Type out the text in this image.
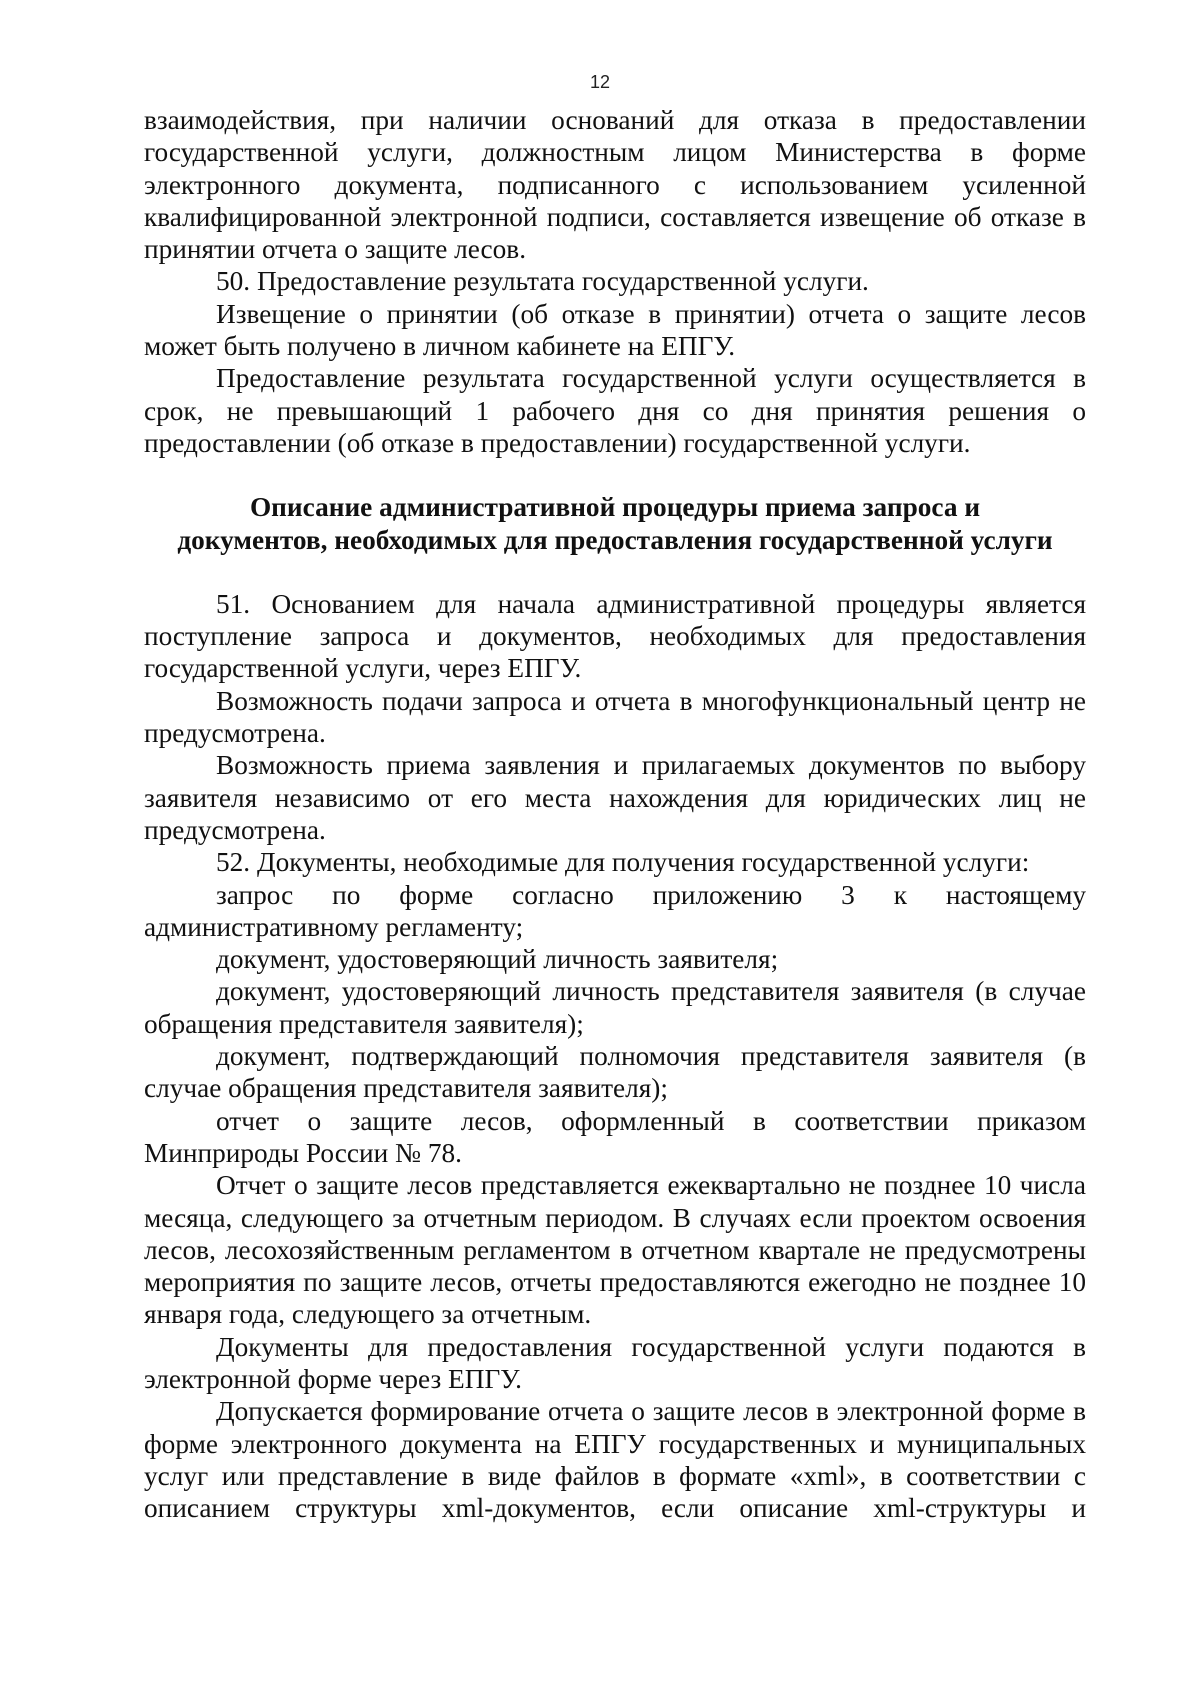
12

взаимодействия, при наличии оснований для отказа в предоставлении государственной услуги, должностным лицом Министерства в форме электронного документа, подписанного с использованием усиленной квалифицированной электронной подписи, составляется извещение об отказе в принятии отчета о защите лесов.

50. Предоставление результата государственной услуги.

Извещение о принятии (об отказе в принятии) отчета о защите лесов может быть получено в личном кабинете на ЕПГУ.

Предоставление результата государственной услуги осуществляется в срок, не превышающий 1 рабочего дня со дня принятия решения о предоставлении (об отказе в предоставлении) государственной услуги.

Описание административной процедуры приема запроса и
документов, необходимых для предоставления государственной услуги

51. Основанием для начала административной процедуры является поступление запроса и документов, необходимых для предоставления государственной услуги, через ЕПГУ.

Возможность подачи запроса и отчета в многофункциональный центр не предусмотрена.

Возможность приема заявления и прилагаемых документов по выбору заявителя независимо от его места нахождения для юридических лиц не предусмотрена.

52. Документы, необходимые для получения государственной услуги:

запрос по форме согласно приложению 3 к настоящему административному регламенту;

документ, удостоверяющий личность заявителя;

документ, удостоверяющий личность представителя заявителя (в случае обращения представителя заявителя);

документ, подтверждающий полномочия представителя заявителя (в случае обращения представителя заявителя);

отчет о защите лесов, оформленный в соответствии приказом Минприроды России № 78.

Отчет о защите лесов представляется ежеквартально не позднее 10 числа месяца, следующего за отчетным периодом. В случаях если проектом освоения лесов, лесохозяйственным регламентом в отчетном квартале не предусмотрены мероприятия по защите лесов, отчеты предоставляются ежегодно не позднее 10 января года, следующего за отчетным.

Документы для предоставления государственной услуги подаются в электронной форме через ЕПГУ.

Допускается формирование отчета о защите лесов в электронной форме в форме электронного документа на ЕПГУ государственных и муниципальных услуг или представление в виде файлов в формате «xml», в соответствии с описанием структуры xml-документов, если описание xml-структуры и
